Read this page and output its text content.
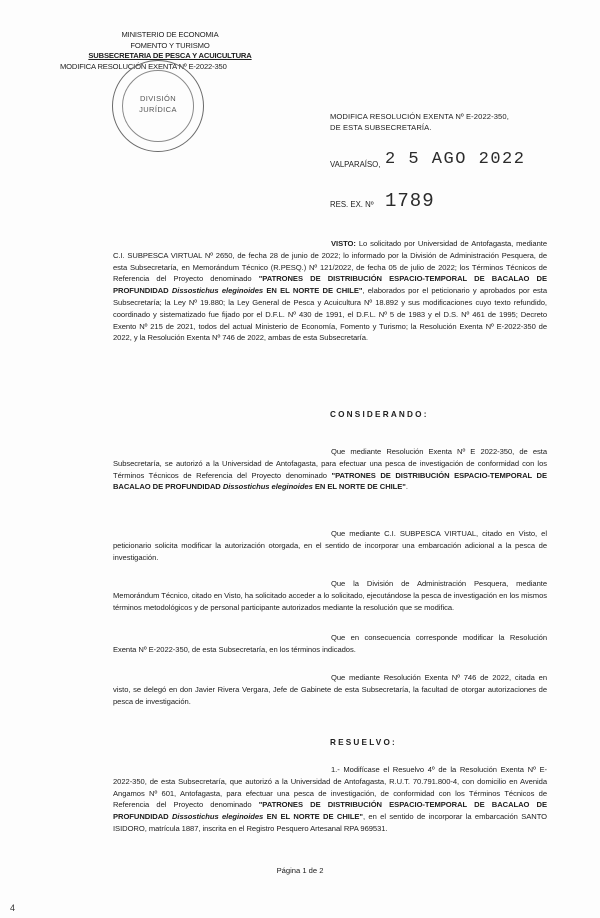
MINISTERIO DE ECONOMIA
FOMENTO Y TURISMO
SUBSECRETARIA DE PESCA Y ACUICULTURA
MODIFICA RESOLUCIÓN EXENTA Nº E-2022-350
DIVISIÓN
JURÍDICA
MODIFICA RESOLUCIÓN EXENTA Nº E-2022-350,
DE ESTA SUBSECRETARÍA.
VALPARAÍSO, 2 5 AGO 2022
RES. EX. Nº 1789
VISTO: Lo solicitado por Universidad de Antofagasta, mediante C.I. SUBPESCA VIRTUAL Nº 2650, de fecha 28 de junio de 2022; lo informado por la División de Administración Pesquera, de esta Subsecretaría, en Memorándum Técnico (R.PESQ.) Nº 121/2022, de fecha 05 de julio de 2022; los Términos Técnicos de Referencia del Proyecto denominado "PATRONES DE DISTRIBUCIÓN ESPACIO-TEMPORAL DE BACALAO DE PROFUNDIDAD Dissostichus eleginoides EN EL NORTE DE CHILE", elaborados por el peticionario y aprobados por esta Subsecretaría; la Ley Nº 19.880; la Ley General de Pesca y Acuicultura Nº 18.892 y sus modificaciones cuyo texto refundido, coordinado y sistematizado fue fijado por el D.F.L. Nº 430 de 1991, el D.F.L. Nº 5 de 1983 y el D.S. Nº 461 de 1995; Decreto Exento Nº 215 de 2021, todos del actual Ministerio de Economía, Fomento y Turismo; la Resolución Exenta Nº E-2022-350 de 2022, y la Resolución Exenta Nº 746 de 2022, ambas de esta Subsecretaría.
CONSIDERANDO:
Que mediante Resolución Exenta Nº E 2022-350, de esta Subsecretaría, se autorizó a la Universidad de Antofagasta, para efectuar una pesca de investigación de conformidad con los Términos Técnicos de Referencia del Proyecto denominado "PATRONES DE DISTRIBUCIÓN ESPACIO-TEMPORAL DE BACALAO DE PROFUNDIDAD Dissostichus eleginoides EN EL NORTE DE CHILE".
Que mediante C.I. SUBPESCA VIRTUAL, citado en Visto, el peticionario solicita modificar la autorización otorgada, en el sentido de incorporar una embarcación adicional a la pesca de investigación.
Que la División de Administración Pesquera, mediante Memorándum Técnico, citado en Visto, ha solicitado acceder a lo solicitado, ejecutándose la pesca de investigación en los mismos términos metodológicos y de personal participante autorizados mediante la resolución que se modifica.
Que en consecuencia corresponde modificar la Resolución Exenta Nº E-2022-350, de esta Subsecretaría, en los términos indicados.
Que mediante Resolución Exenta Nº 746 de 2022, citada en visto, se delegó en don Javier Rivera Vergara, Jefe de Gabinete de esta Subsecretaría, la facultad de otorgar autorizaciones de pesca de investigación.
RESUELVO:
1.- Modifícase el Resuelvo 4º de la Resolución Exenta Nº E-2022-350, de esta Subsecretaría, que autorizó a la Universidad de Antofagasta, R.U.T. 70.791.800-4, con domicilio en Avenida Angamos Nº 601, Antofagasta, para efectuar una pesca de investigación, de conformidad con los Términos Técnicos de Referencia del Proyecto denominado "PATRONES DE DISTRIBUCIÓN ESPACIO-TEMPORAL DE BACALAO DE PROFUNDIDAD Dissostichus eleginoides EN EL NORTE DE CHILE", en el sentido de incorporar la embarcación SANTO ISIDORO, matrícula 1887, inscrita en el Registro Pesquero Artesanal RPA 969531.
Página 1 de 2
4
